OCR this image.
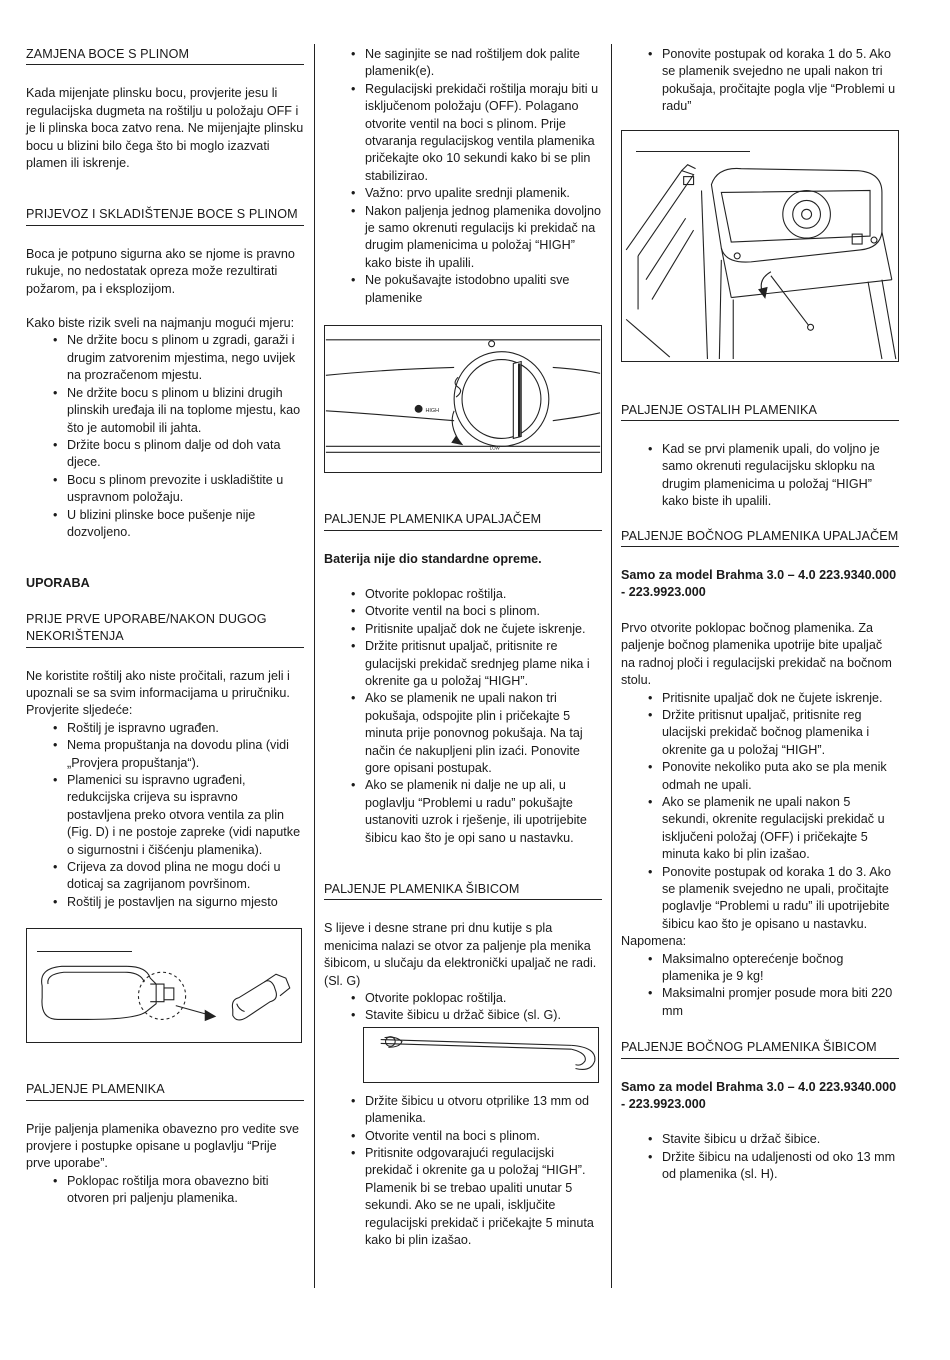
ZAMJENA BOCE S PLINOM

Kada mijenjate plinsku bocu, provjerite jesu li regulacijska dugmeta na roštilju u položaju OFF i je li plinska boca zatvo rena. Ne mijenjajte plinsku bocu u blizini bilo čega što bi moglo izazvati plamen ili iskrenje.

PRIJEVOZ I SKLADIŠTENJE BOCE S PLINOM

Boca je potpuno sigurna ako se njome is pravno rukuje, no nedostatak opreza može rezultirati požarom, pa i eksplozijom.

Kako biste rizik sveli na najmanju mogući mjeru:

• Ne držite bocu s plinom u zgradi, garaži i drugim zatvorenim mjestima, nego uvijek na prozračenom mjestu.
• Ne držite bocu s plinom u blizini drugih plinskih uređaja ili na toplome mjestu, kao što je automobil ili jahta.
• Držite bocu s plinom dalje od doh vata djece.
• Bocu s plinom prevozite i uskladištite u uspravnom položaju.
• U blizini plinske boce pušenje nije dozvoljeno.

UPORABA

PRIJE PRVE UPORABE/NAKON DUGOG NEKORIŠTENJA

Ne koristite roštilj ako niste pročitali, razum jeli i upoznali se sa svim informacijama u priručniku.

Provjerite sljedeće:

• Roštilj je ispravno ugrađen.
• Nema propuštanja na dovodu plina (vidi „Provjera propuštanja“).
• Plamenici su ispravno ugrađeni, redukcijska crijeva su ispravno postavljena preko otvora ventila za plin (Fig. D) i ne postoje zapreke (vidi naputke o sigurnostni i čišćenju plamenika).
• Crijeva za dovod plina ne mogu doći u doticaj sa zagrijanom površinom.
• Roštilj je postavljen na sigurno mjesto
PALJENJE PLAMENIKA

Prije paljenja plamenika obavezno pro vedite sve provjere i postupke opisane u poglavlju “Prije prve uporabe”.

• Poklopac roštilja mora obavezno biti otvoren pri paljenju plamenika.
• Ne saginjite se nad roštiljem dok palite plamenik(e).
• Regulacijski prekidači roštilja moraju biti u isključenom položaju (OFF). Polagano otvorite ventil na boci s plinom. Prije otvaranja regulacijskog ventila plamenika pričekajte oko 10 sekundi kako bi se plin stabilizirao.
• Važno: prvo upalite srednji plamenik.
• Nakon paljenja jednog plamenika dovoljno je samo okrenuti regulacijs ki prekidač na drugim plamenicima u položaj “HIGH” kako biste ih upalili.
• Ne pokušavajte istodobno upaliti sve plamenike
HIGH
LOW
PALJENJE PLAMENIKA UPALJAČEM

Baterija nije dio standardne opreme.

• Otvorite poklopac roštilja.
• Otvorite ventil na boci s plinom.
• Pritisnite upaljač dok ne čujete iskrenje.
• Držite pritisnut upaljač, pritisnite re gulacijski prekidač srednjeg plame nika i okrenite ga u položaj “HIGH”.
• Ako se plamenik ne upali nakon tri pokušaja, odspojite plin i pričekajte 5 minuta prije ponovnog pokušaja. Na taj način će nakupljeni plin izaći. Ponovite gore opisani postupak.
• Ako se plamenik ni dalje ne up ali, u poglavlju “Problemi u radu” pokušajte ustanoviti uzrok i rješenje, ili upotrijebite šibicu kao što je opi sano u nastavku.
PALJENJE PLAMENIKA ŠIBICOM

S lijeve i desne strane pri dnu kutije s pla menicima nalazi se otvor za paljenje pla menika šibicom, u slučaju da elektronički upaljač ne radi. (Sl. G)

• Otvorite poklopac roštilja.
• Stavite šibicu u držač šibice (sl. G).
• Držite šibicu u otvoru otprilike 13 mm od plamenika.
• Otvorite ventil na boci s plinom.
• Pritisnite odgovarajući regulacijski prekidač i okrenite ga u položaj “HIGH”. Plamenik bi se trebao upaliti unutar 5 sekundi. Ako se ne upali, isključite regulacijski prekidač i pričekajte 5 minuta kako bi plin izašao.
• Ponovite postupak od koraka 1 do 5. Ako se plamenik svejedno ne upali nakon tri pokušaja, pročitajte pogla vlje “Problemi u radu”
PALJENJE OSTALIH PLAMENIKA
• Kad se prvi plamenik upali, do voljno je samo okrenuti regulacijsku sklopku na drugim plamenicima u položaj “HIGH” kako biste ih upalili.
PALJENJE BOČNOG PLAMENIKA UPALJAČEM

Samo za model Brahma 3.0 – 4.0 223.9340.000 - 223.9923.000

Prvo otvorite poklopac bočnog plamenika. Za paljenje bočnog plamenika upotrije bite upaljač na radnoj ploči i regulacijski prekidač na bočnom stolu.

• Pritisnite upaljač dok ne čujete iskrenje.
• Držite pritisnut upaljač, pritisnite reg ulacijski prekidač bočnog plamenika i okrenite ga u položaj “HIGH”.
• Ponovite nekoliko puta ako se pla menik odmah ne upali.
• Ako se plamenik ne upali nakon 5 sekundi, okrenite regulacijski prekidač u isključeni položaj (OFF) i pričekajte 5 minuta kako bi plin izašao.
• Ponovite postupak od koraka 1 do 3. Ako se plamenik svejedno ne upali, pročitajte poglavlje “Problemi u radu” ili upotrijebite šibicu kao što je opisano u nastavku.

Napomena:

• Maksimalno opterećenje bočnog plamenika je 9 kg!
• Maksimalni promjer posude mora biti 220 mm
PALJENJE BOČNOG PLAMENIKA ŠIBICOM

Samo za model Brahma 3.0 – 4.0 223.9340.000 - 223.9923.000

• Stavite šibicu u držač šibice.
• Držite šibicu na udaljenosti od oko 13 mm od plamenika (sl. H).
